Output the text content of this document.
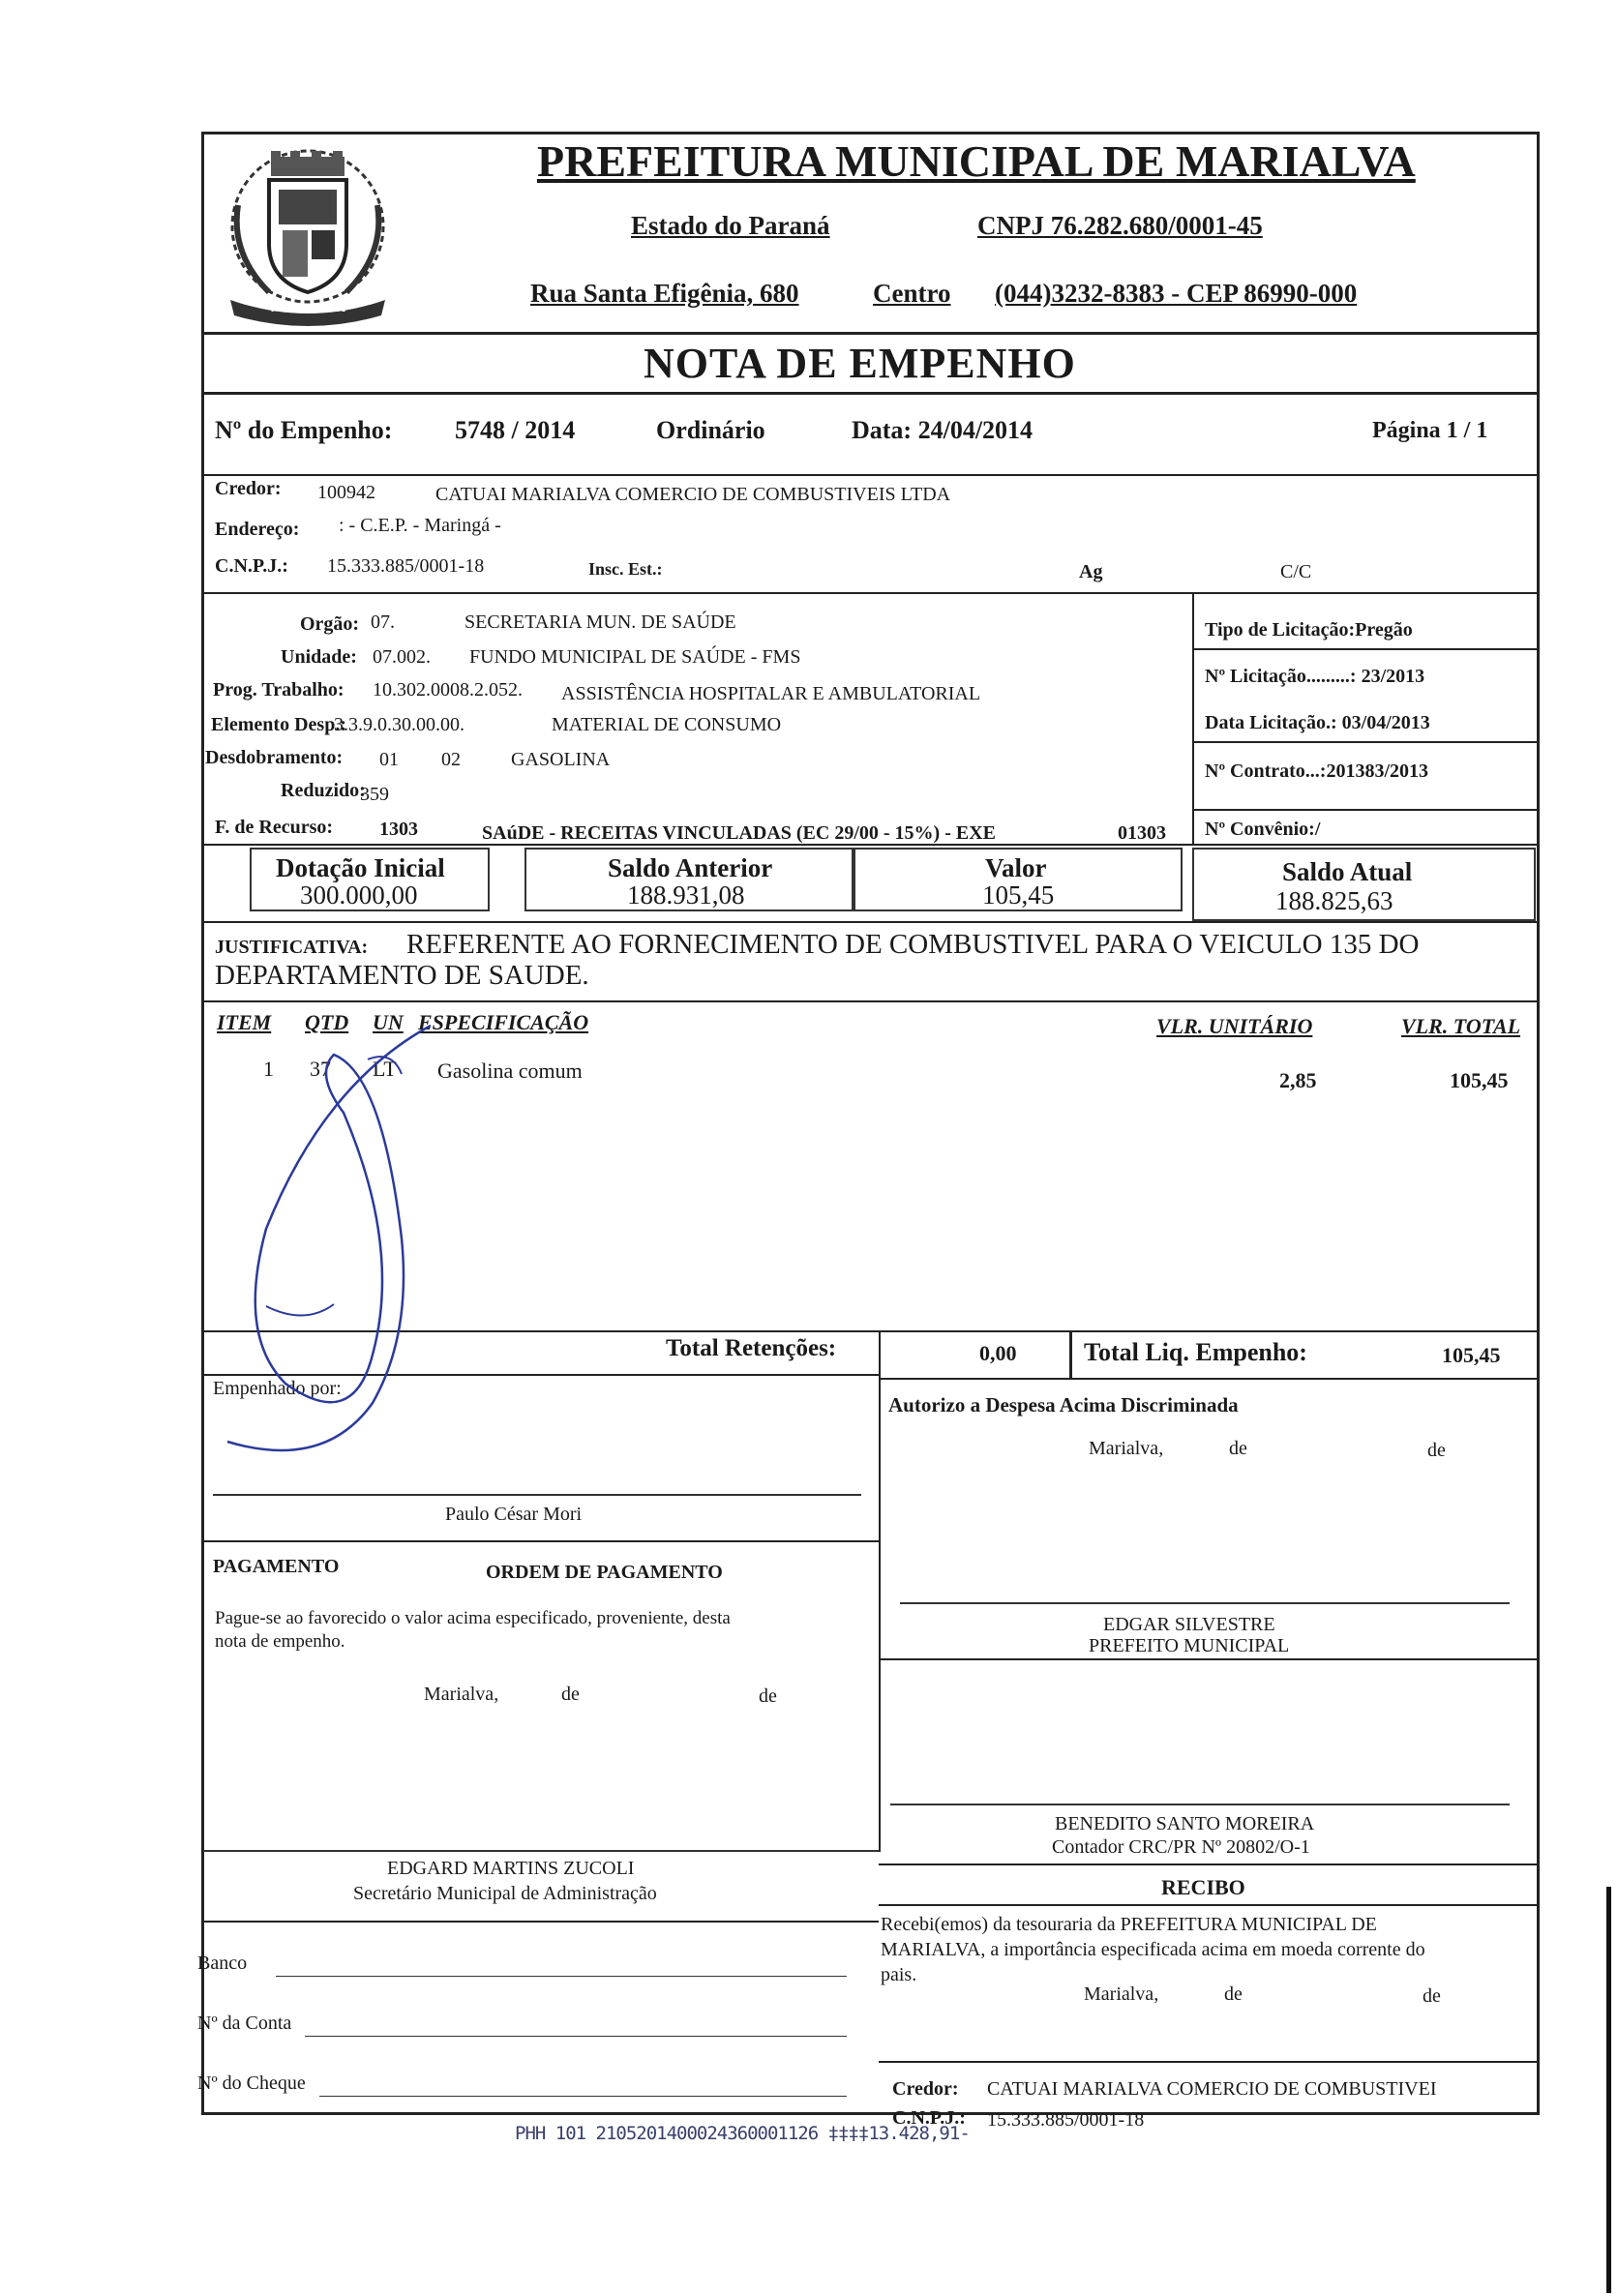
MARIALVA
PREFEITURA MUNICIPAL DE MARIALVA
Estado do Paraná	CNPJ 76.282.680/0001-45
Rua Santa Efigênia, 680	Centro (044)3232-8383 - CEP 86990-000
NOTA DE EMPENHO
Nº do Empenho: 5748 / 2014	Ordinário	Data: 24/04/2014	Página 1 / 1
Credor: 100942	CATUAI MARIALVA COMERCIO DE COMBUSTIVEIS LTDA
Endereço: : - C.E.P. - Maringá -
C.N.P.J.: 15.333.885/0001-18	Insc. Est.:	Ag	C/C
Orgão: 07.	SECRETARIA MUN. DE SAÚDE
Unidade: 07.002. FUNDO MUNICIPAL DE SAÚDE - FMS
Prog. Trabalho: 10.302.0008.2.052. ASSISTÊNCIA HOSPITALAR E AMBULATORIAL
Elemento Desp.:
3.3.9.0.30.00.00.	MATERIAL DE CONSUMO
Desdobramento: 01 02	GASOLINA
Reduzido:
359
F. de Recurso: 1303	SAúDE - RECEITAS VINCULADAS (EC 29/00 - 15%) - EXE	01303
Tipo de Licitação:Pregão
Nº Licitação.........: 23/2013
Data Licitação.: 03/04/2013
Nº Contrato...:201383/2013
Nº Convênio:/
Dotação Inicial
300.000,00
Saldo Anterior
188.931,08
Valor
105,45
Saldo Atual
188.825,63
JUSTIFICATIVA: REFERENTE AO FORNECIMENTO DE COMBUSTIVEL PARA O VEICULO 135 DO
DEPARTAMENTO DE SAUDE.
ITEM QTD UN ESPECIFICAÇÃO	VLR. UNITÁRIO	VLR. TOTAL
1 37 LT Gasolina comum	2,85	105,45
Total Retenções:	0,00	Total Liq. Empenho:	105,45
Empenhado por:
Paulo César Mori
Autorizo a Despesa Acima Discriminada
Marialva,	de	de
PAGAMENTO	ORDEM DE PAGAMENTO
Pague-se ao favorecido o valor acima especificado, proveniente, desta
nota de empenho.
Marialva,	de	de
EDGAR SILVESTRE
PREFEITO MUNICIPAL
EDGARD MARTINS ZUCOLI
Secretário Municipal de Administração
BENEDITO SANTO MOREIRA
Contador CRC/PR Nº 20802/O-1
RECIBO
Recebi(emos) da tesouraria da PREFEITURA MUNICIPAL DE
MARIALVA, a importância especificada acima em moeda corrente do
pais.
Marialva,	de	de
Banco
Nº da Conta
Nº do Cheque	Credor: CATUAI MARIALVA COMERCIO DE COMBUSTIVEI
C.N.P.J.: 15.333.885/0001-18
PHH 101 2105201400024360001126 ‡‡‡‡13.428,91-
